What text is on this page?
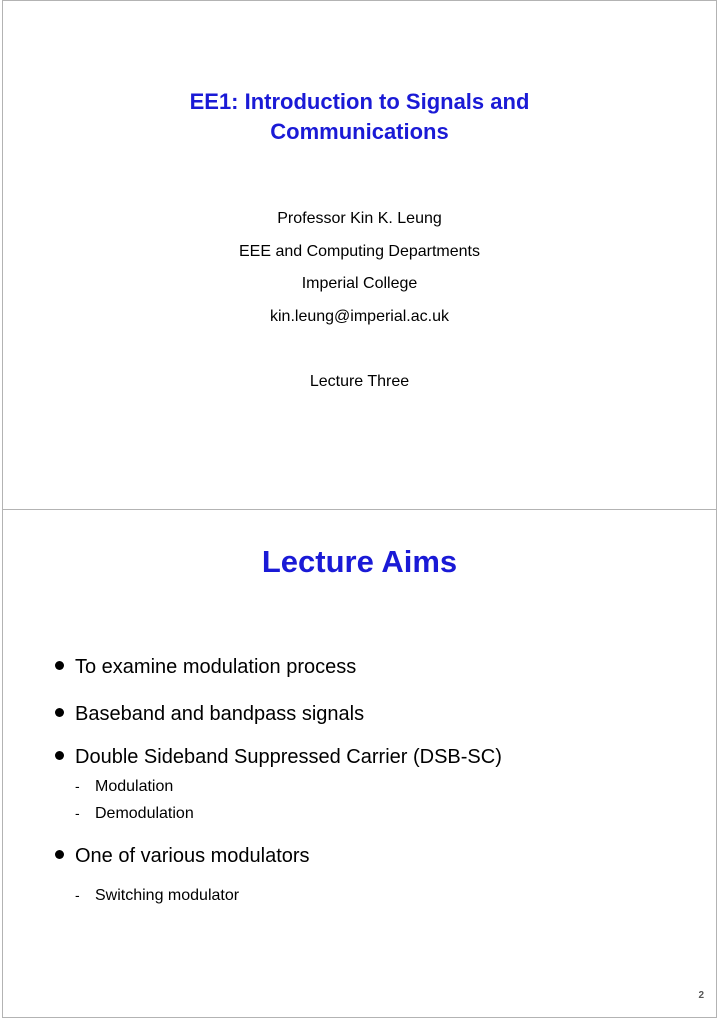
EE1: Introduction to Signals and
Communications
Professor Kin K. Leung
EEE and Computing Departments
Imperial College
kin.leung@imperial.ac.uk
Lecture Three
Lecture Aims
To examine modulation process
Baseband and bandpass signals
Double Sideband Suppressed Carrier (DSB-SC)
- Modulation
- Demodulation
One of various modulators
- Switching modulator
2
